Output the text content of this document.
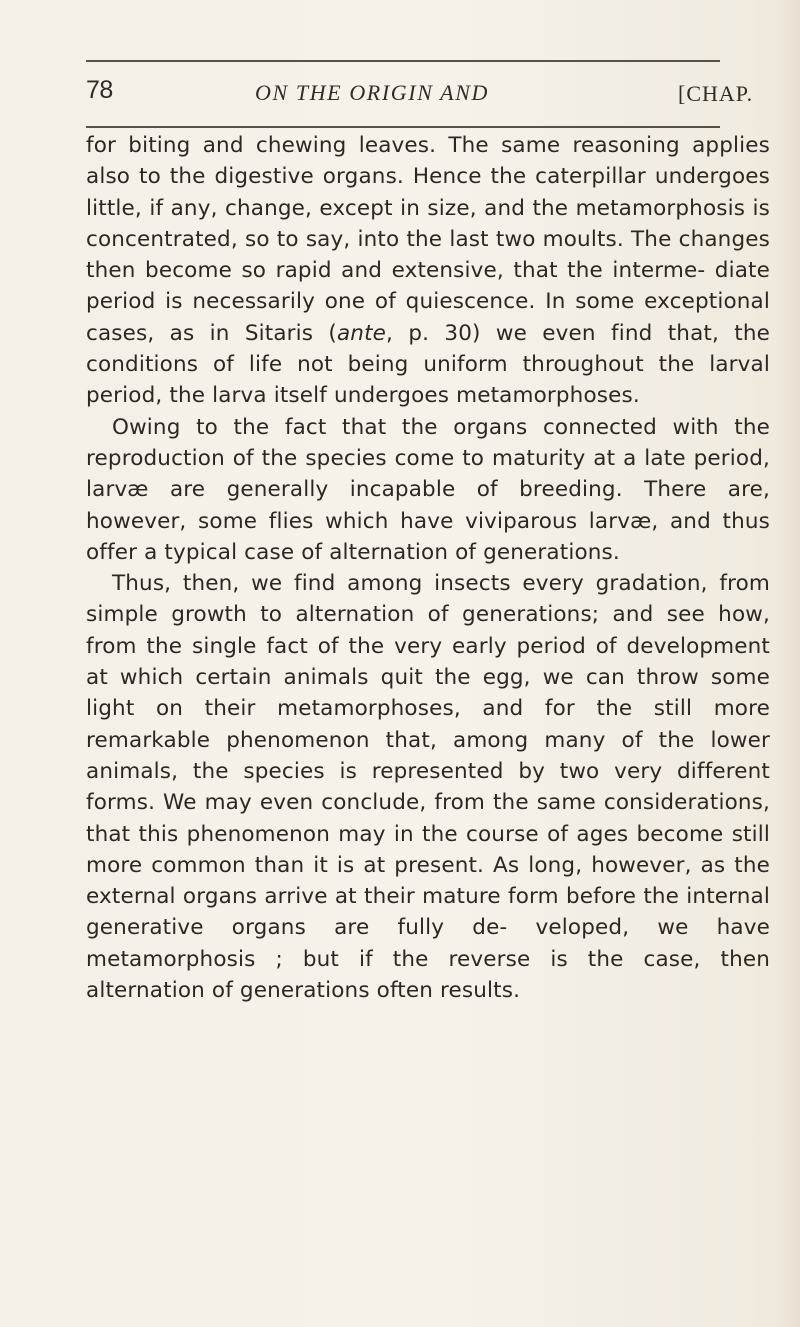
78	ON THE ORIGIN AND	[CHAP.

for biting and chewing leaves. The same reasoning applies also to the digestive organs. Hence the caterpillar undergoes little, if any, change, except in size, and the metamorphosis is concentrated, so to say, into the last two moults. The changes then become so rapid and extensive, that the interme- diate period is necessarily one of quiescence. In some exceptional cases, as in Sitaris (ante, p. 30) we even find that, the conditions of life not being uniform throughout the larval period, the larva itself undergoes metamorphoses.

Owing to the fact that the organs connected with the reproduction of the species come to maturity at a late period, larvæ are generally incapable of breeding. There are, however, some flies which have viviparous larvæ, and thus offer a typical case of alternation of generations.

Thus, then, we find among insects every gradation, from simple growth to alternation of generations; and see how, from the single fact of the very early period of development at which certain animals quit the egg, we can throw some light on their metamorphoses, and for the still more remarkable phenomenon that, among many of the lower animals, the species is represented by two very different forms. We may even conclude, from the same considerations, that this phenomenon may in the course of ages become still more common than it is at present. As long, however, as the external organs arrive at their mature form before the internal generative organs are fully de- veloped, we have metamorphosis ; but if the reverse is the case, then alternation of generations often results.
